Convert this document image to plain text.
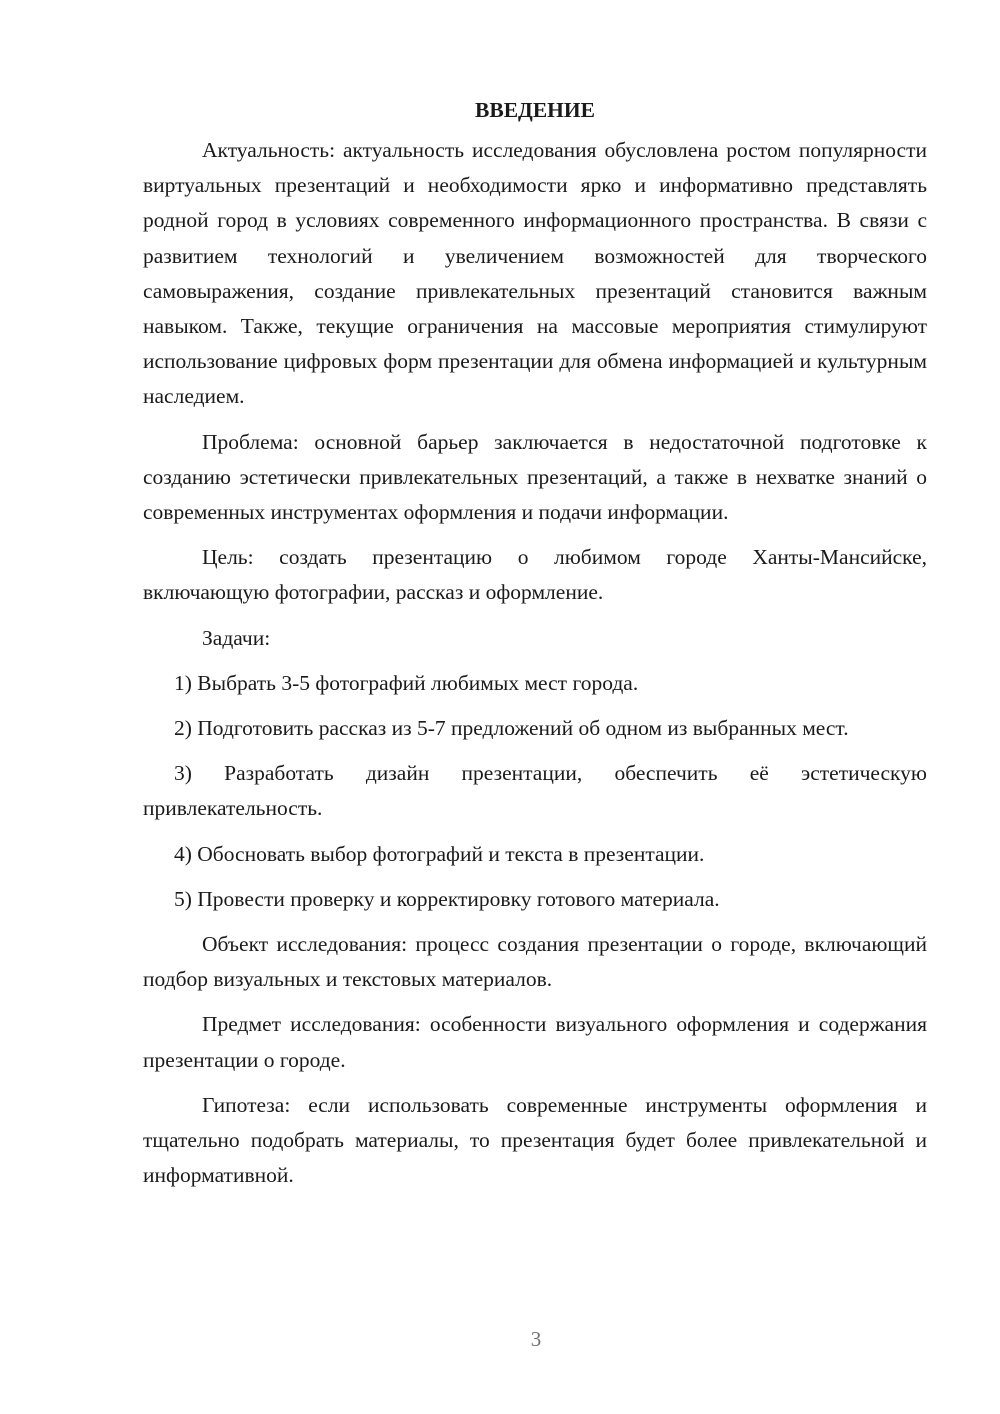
ВВЕДЕНИЕ

Актуальность: актуальность исследования обусловлена ростом популярности виртуальных презентаций и необходимости ярко и информативно представлять родной город в условиях современного информационного пространства. В связи с развитием технологий и увеличением возможностей для творческого самовыражения, создание привлекательных презентаций становится важным навыком. Также, текущие ограничения на массовые мероприятия стимулируют использование цифровых форм презентации для обмена информацией и культурным наследием.

Проблема: основной барьер заключается в недостаточной подготовке к созданию эстетически привлекательных презентаций, а также в нехватке знаний о современных инструментах оформления и подачи информации.

Цель: создать презентацию о любимом городе Ханты-Мансийске, включающую фотографии, рассказ и оформление.

Задачи:

1) Выбрать 3-5 фотографий любимых мест города.

2) Подготовить рассказ из 5-7 предложений об одном из выбранных мест.

3) Разработать дизайн презентации, обеспечить её эстетическую привлекательность.

4) Обосновать выбор фотографий и текста в презентации.

5) Провести проверку и корректировку готового материала.

Объект исследования: процесс создания презентации о городе, включающий подбор визуальных и текстовых материалов.

Предмет исследования: особенности визуального оформления и содержания презентации о городе.

Гипотеза: если использовать современные инструменты оформления и тщательно подобрать материалы, то презентация будет более привлекательной и информативной.

3
